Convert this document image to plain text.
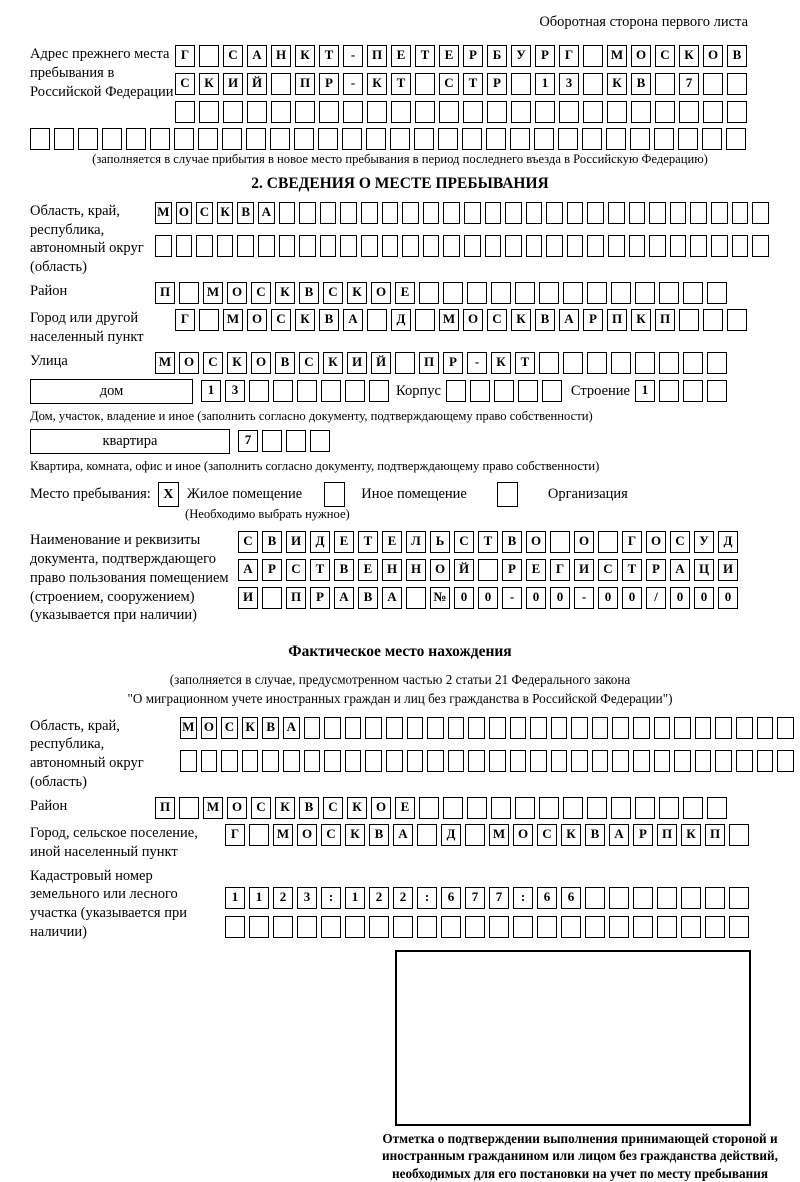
Оборотная сторона первого листа
Адрес прежнего места пребывания в Российской Федерации
Г	С	А	Н	К	Т	-	П	Е	Т	Е	Р	Б	У	Р	Г	М О	С	К	О	В
С	К	И	Й	П	Р	-	К	Т	С	Т	Р	1	3	К	В	7
(заполняется в случае прибытия в новое место пребывания в период последнего въезда в Российскую Федерацию)
2. СВЕДЕНИЯ О МЕСТЕ ПРЕБЫВАНИЯ
Область, край, республика, автономный округ (область)
М О С К В А
Район	П	М О	С	К	В	С	К	О	Е
Город или другой населенный пункт
Г	М О	С	К	В	А	Д	М О	С	К	В	А	Р	П	К	П
Улица	М О	С	К	О	В	С	К	И	Й	П	Р	-	К	Т
дом	1	3	Корпус	Строение 1
Дом, участок, владение и иное (заполнить согласно документу, подтверждающему право собственности)
квартира	7
Квартира, комната, офис и иное (заполнить согласно документу, подтверждающему право собственности)
Место пребывания: X Жилое помещение	Иное помещение	Организация
(Необходимо выбрать нужное)
Наименование и реквизиты документа, подтверждающего право пользования помещением (строением, сооружением) (указывается при наличии)
С	В	И	Д	Е	Т	Е	Л	Ь	С	Т	В	О	О	Г	О	С	У	Д
А	Р	С	Т	В	Е	Н	Н	О	Й	Р	Е	Г	И	С	Т	Р	А	Ц	И
И	П	Р	А	В	А	№	0	0	-	0	0	-	0	0	/	0	0	0
Фактическое место нахождения
(заполняется в случае, предусмотренном частью 2 статьи 21 Федерального закона
"О миграционном учете иностранных граждан и лиц без гражданства в Российской Федерации")
Область, край, республика, автономный округ (область)
М О С К В А
Район	П	М О	С	К	В	С	К	О	Е
Город, сельское поселение, иной населенный пункт
Г	М О	С	К	В	А	Д	М О	С	К	В	А	Р	П	К	П
Кадастровый номер земельного или лесного участка (указывается при наличии)
1	1	2	3	:	1	2	2	:	6	7	7	:	6	6
Отметка о подтверждении выполнения принимающей стороной и иностранным гражданином или лицом без гражданства действий, необходимых для его постановки на учет по месту пребывания
